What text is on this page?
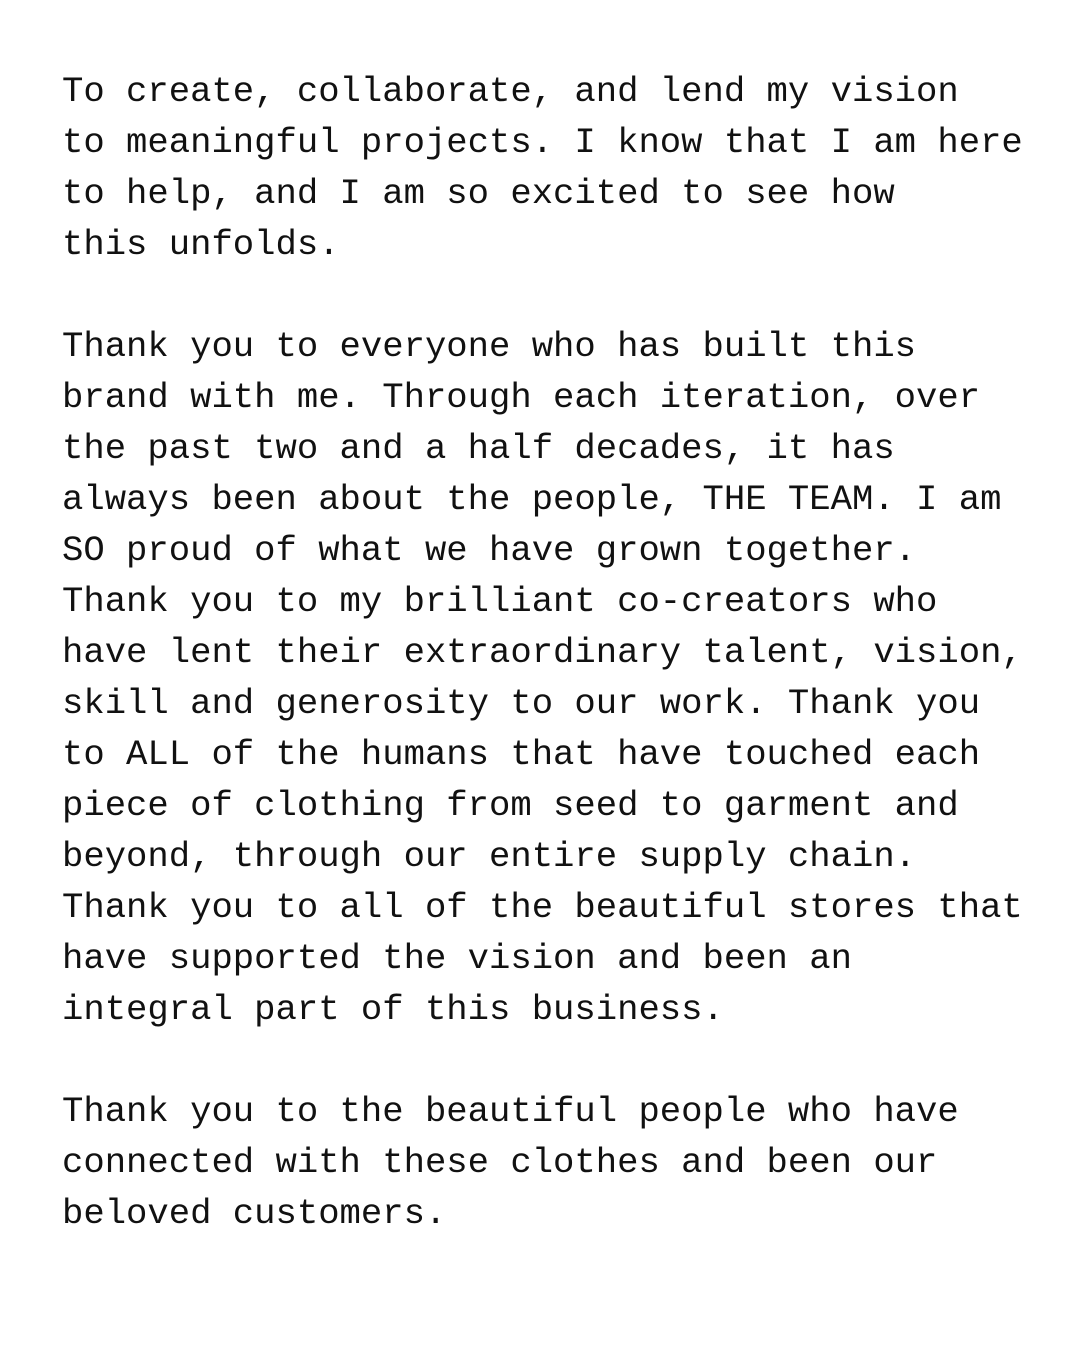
To create, collaborate, and lend my vision
to meaningful projects. I know that I am here
to help, and I am so excited to see how
this unfolds.

Thank you to everyone who has built this
brand with me. Through each iteration, over
the past two and a half decades, it has
always been about the people, THE TEAM. I am
SO proud of what we have grown together.
Thank you to my brilliant co-creators who
have lent their extraordinary talent, vision,
skill and generosity to our work. Thank you
to ALL of the humans that have touched each
piece of clothing from seed to garment and
beyond, through our entire supply chain.
Thank you to all of the beautiful stores that
have supported the vision and been an
integral part of this business.

Thank you to the beautiful people who have
connected with these clothes and been our
beloved customers.
